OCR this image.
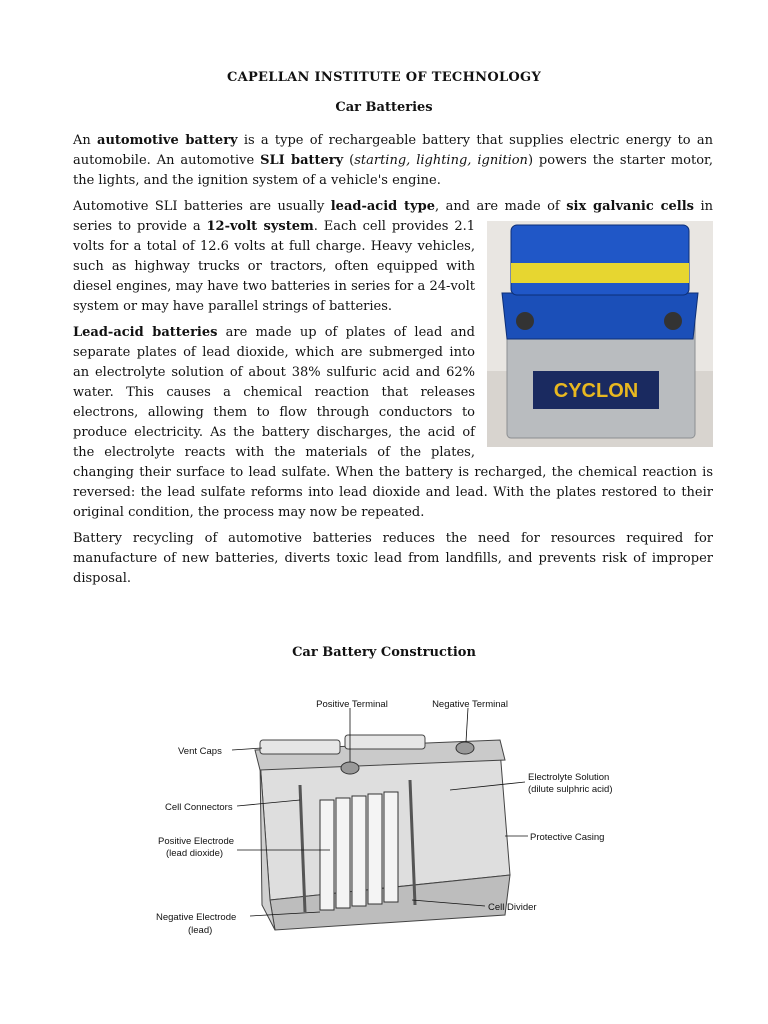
CAPELLAN INSTITUTE OF TECHNOLOGY
Car Batteries

An automotive battery is a type of rechargeable battery that supplies electric energy to an automobile. An automotive SLI battery (starting, lighting, ignition) powers the starter motor, the lights, and the ignition system of a vehicle's engine.

Automotive SLI batteries are usually lead-acid type, and are made of six galvanic cells in series to provide a 12-volt system
CYCLON
. Each cell provides 2.1 volts for a total of 12.6 volts at full charge. Heavy vehicles, such as highway trucks or tractors, often equipped with diesel engines, may have two batteries in series for a 24-volt system or may have parallel strings of batteries.

Lead-acid batteries are made up of plates of lead and separate plates of lead dioxide, which are submerged into an electrolyte solution of about 38% sulfuric acid and 62% water. This causes a chemical reaction that releases electrons, allowing them to flow through conductors to produce electricity. As the battery discharges, the acid of the electrolyte reacts with the materials of the plates, changing their surface to lead sulfate. When the battery is recharged, the chemical reaction is reversed: the lead sulfate reforms into lead dioxide and lead. With the plates restored to their original condition, the process may now be repeated.

Battery recycling of automotive batteries reduces the need for resources required for manufacture of new batteries, diverts toxic lead from landfills, and prevents risk of improper disposal.

Car Battery Construction
Positive Terminal	Negative Terminal
Vent Caps
Electrolyte Solution
(dilute sulphric acid)
Cell Connectors
Protective Casing
Positive Electrode
(lead dioxide)
Cell Divider
Negative Electrode
(lead)
